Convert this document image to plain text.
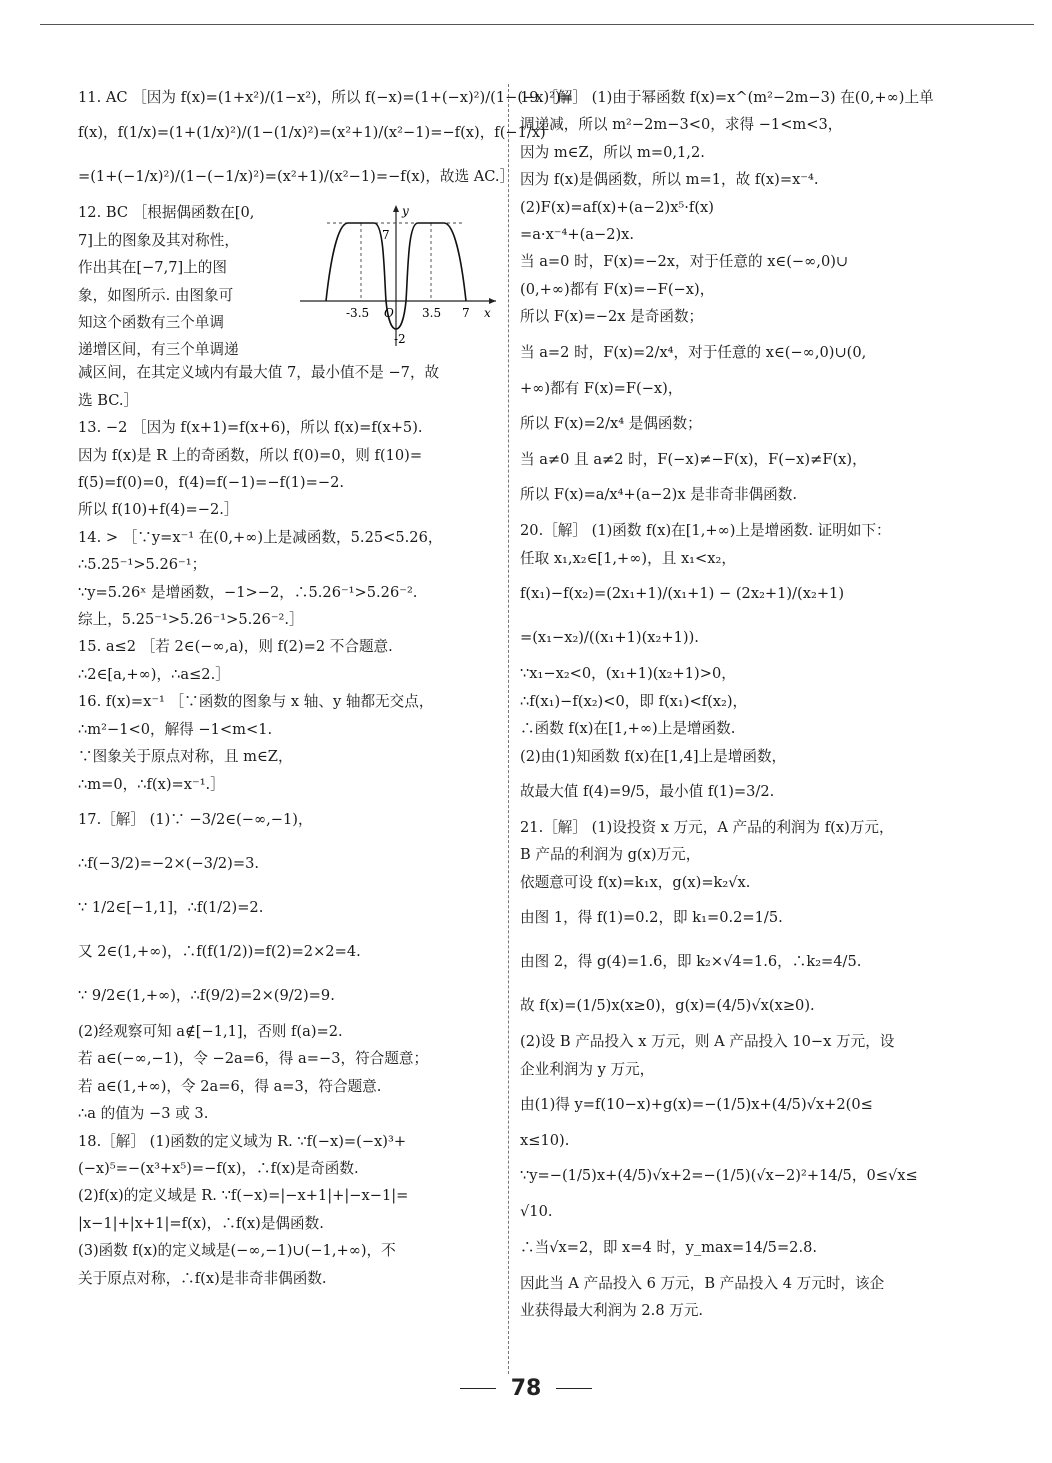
11. AC ［因为 f(x)=(1+x²)/(1−x²)，所以 f(−x)=(1+(−x)²)/(1−(−x)²)=
f(x)，f(1/x)=(1+(1/x)²)/(1−(1/x)²)=(x²+1)/(x²−1)=−f(x)，f(−1/x)
=(1+(−1/x)²)/(1−(−1/x)²)=(x²+1)/(x²−1)=−f(x)，故选 AC.］
12. BC ［根据偶函数在[0,
7]上的图象及其对称性，
作出其在[−7,7]上的图
象，如图所示. 由图象可
知这个函数有三个单调
递增区间，有三个单调递
y
7
-3.5 O 3.5 7 x
-2
减区间，在其定义域内有最大值 7，最小值不是 −7，故
选 BC.］
13. −2 ［因为 f(x+1)=f(x+6)，所以 f(x)=f(x+5).
因为 f(x)是 R 上的奇函数，所以 f(0)=0，则 f(10)=
f(5)=f(0)=0，f(4)=f(−1)=−f(1)=−2.
所以 f(10)+f(4)=−2.］
14. > ［∵y=x⁻¹ 在(0,+∞)上是减函数，5.25<5.26，
∴5.25⁻¹>5.26⁻¹；
∵y=5.26ˣ 是增函数，−1>−2，∴5.26⁻¹>5.26⁻².
综上，5.25⁻¹>5.26⁻¹>5.26⁻².］
15. a≤2 ［若 2∈(−∞,a)，则 f(2)=2 不合题意.
∴2∈[a,+∞)，∴a≤2.］
16. f(x)=x⁻¹ ［∵函数的图象与 x 轴、y 轴都无交点，
∴m²−1<0，解得 −1<m<1.
∵图象关于原点对称，且 m∈Z，
∴m=0，∴f(x)=x⁻¹.］
17.［解］ (1)∵ −3/2∈(−∞,−1)，
∴f(−3/2)=−2×(−3/2)=3.
∵ 1/2∈[−1,1]，∴f(1/2)=2.
又 2∈(1,+∞)，∴f(f(1/2))=f(2)=2×2=4.
∵ 9/2∈(1,+∞)，∴f(9/2)=2×(9/2)=9.
(2)经观察可知 a∉[−1,1]，否则 f(a)=2.
若 a∈(−∞,−1)，令 −2a=6，得 a=−3，符合题意；
若 a∈(1,+∞)，令 2a=6，得 a=3，符合题意.
∴a 的值为 −3 或 3.
18.［解］ (1)函数的定义域为 R. ∵f(−x)=(−x)³+
(−x)⁵=−(x³+x⁵)=−f(x)，∴f(x)是奇函数.
(2)f(x)的定义域是 R. ∵f(−x)=|−x+1|+|−x−1|=
|x−1|+|x+1|=f(x)，∴f(x)是偶函数.
(3)函数 f(x)的定义域是(−∞,−1)∪(−1,+∞)，不
关于原点对称，∴f(x)是非奇非偶函数.
19.［解］ (1)由于幂函数 f(x)=x^(m²−2m−3) 在(0,+∞)上单
调递减，所以 m²−2m−3<0，求得 −1<m<3，
因为 m∈Z，所以 m=0,1,2.
因为 f(x)是偶函数，所以 m=1，故 f(x)=x⁻⁴.
(2)F(x)=af(x)+(a−2)x⁵·f(x)
=a·x⁻⁴+(a−2)x.
当 a=0 时，F(x)=−2x，对于任意的 x∈(−∞,0)∪
(0,+∞)都有 F(x)=−F(−x)，
所以 F(x)=−2x 是奇函数；
当 a=2 时，F(x)=2/x⁴，对于任意的 x∈(−∞,0)∪(0,
+∞)都有 F(x)=F(−x)，
所以 F(x)=2/x⁴ 是偶函数；
当 a≠0 且 a≠2 时，F(−x)≠−F(x)，F(−x)≠F(x)，
所以 F(x)=a/x⁴+(a−2)x 是非奇非偶函数.
20.［解］ (1)函数 f(x)在[1,+∞)上是增函数. 证明如下：
任取 x₁,x₂∈[1,+∞)，且 x₁<x₂，
f(x₁)−f(x₂)=(2x₁+1)/(x₁+1) − (2x₂+1)/(x₂+1)
=(x₁−x₂)/((x₁+1)(x₂+1)).
∵x₁−x₂<0，(x₁+1)(x₂+1)>0，
∴f(x₁)−f(x₂)<0，即 f(x₁)<f(x₂)，
∴函数 f(x)在[1,+∞)上是增函数.
(2)由(1)知函数 f(x)在[1,4]上是增函数，
故最大值 f(4)=9/5，最小值 f(1)=3/2.
21.［解］ (1)设投资 x 万元，A 产品的利润为 f(x)万元，
B 产品的利润为 g(x)万元，
依题意可设 f(x)=k₁x，g(x)=k₂√x.
由图 1，得 f(1)=0.2，即 k₁=0.2=1/5.
由图 2，得 g(4)=1.6，即 k₂×√4=1.6，∴k₂=4/5.
故 f(x)=(1/5)x(x≥0)，g(x)=(4/5)√x(x≥0).
(2)设 B 产品投入 x 万元，则 A 产品投入 10−x 万元，设
企业利润为 y 万元，
由(1)得 y=f(10−x)+g(x)=−(1/5)x+(4/5)√x+2(0≤
x≤10).
∵y=−(1/5)x+(4/5)√x+2=−(1/5)(√x−2)²+14/5，0≤√x≤
√10.
∴当√x=2，即 x=4 时，y_max=14/5=2.8.
因此当 A 产品投入 6 万元，B 产品投入 4 万元时，该企
业获得最大利润为 2.8 万元.
78
